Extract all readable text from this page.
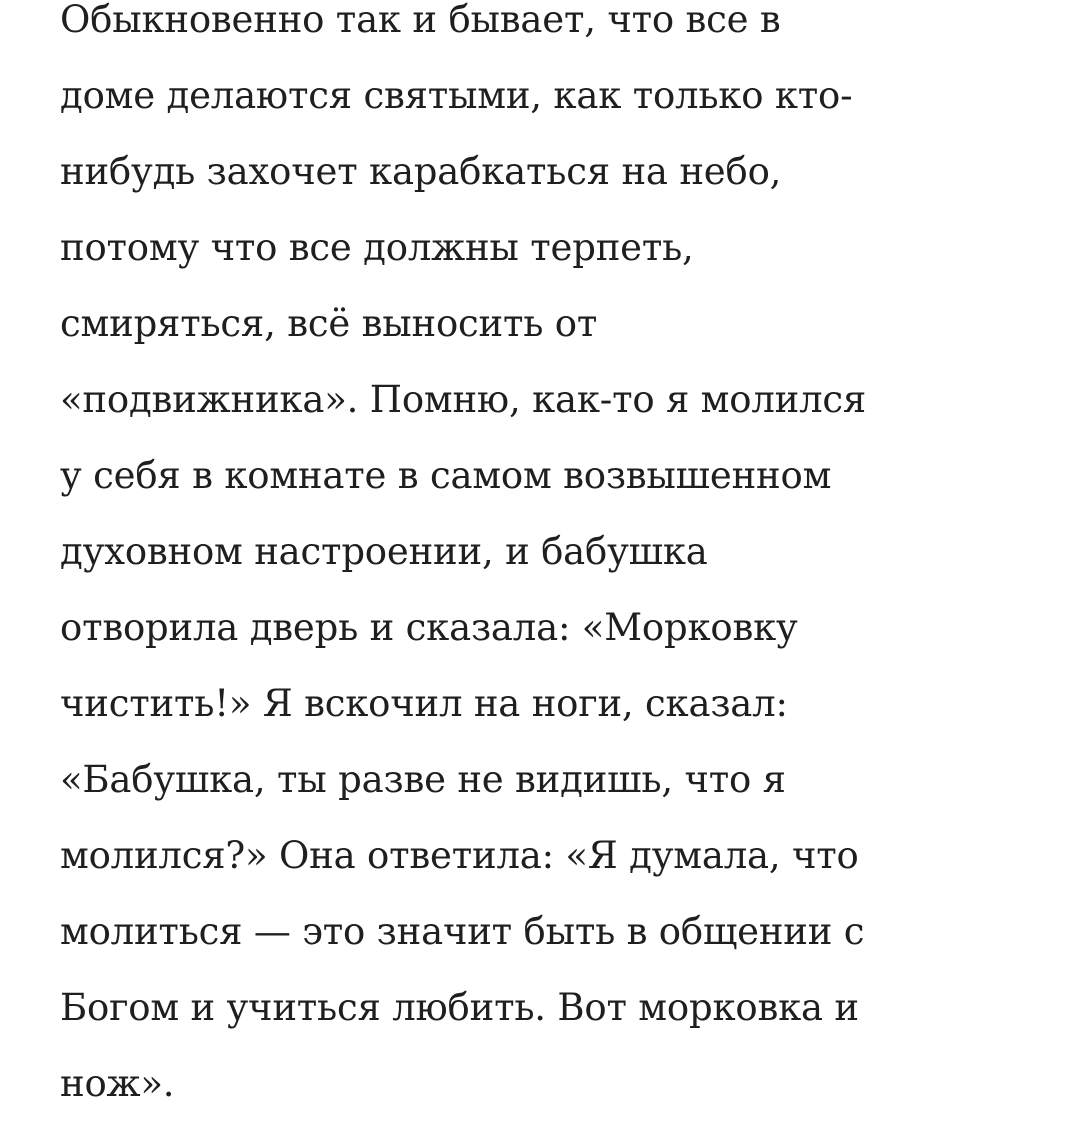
Обыкновенно так и бывает, что все в
доме делаются святыми, как только кто-
нибудь захочет карабкаться на небо,
потому что все должны терпеть,
смиряться, всё выносить от
«подвижника». Помню, как-то я молился
у себя в комнате в самом возвышенном
духовном настроении, и бабушка
отворила дверь и сказала: «Морковку
чистить!» Я вскочил на ноги, сказал:
«Бабушка, ты разве не видишь, что я
молился?» Она ответила: «Я думала, что
молиться — это значит быть в общении с
Богом и учиться любить. Вот морковка и
нож».
